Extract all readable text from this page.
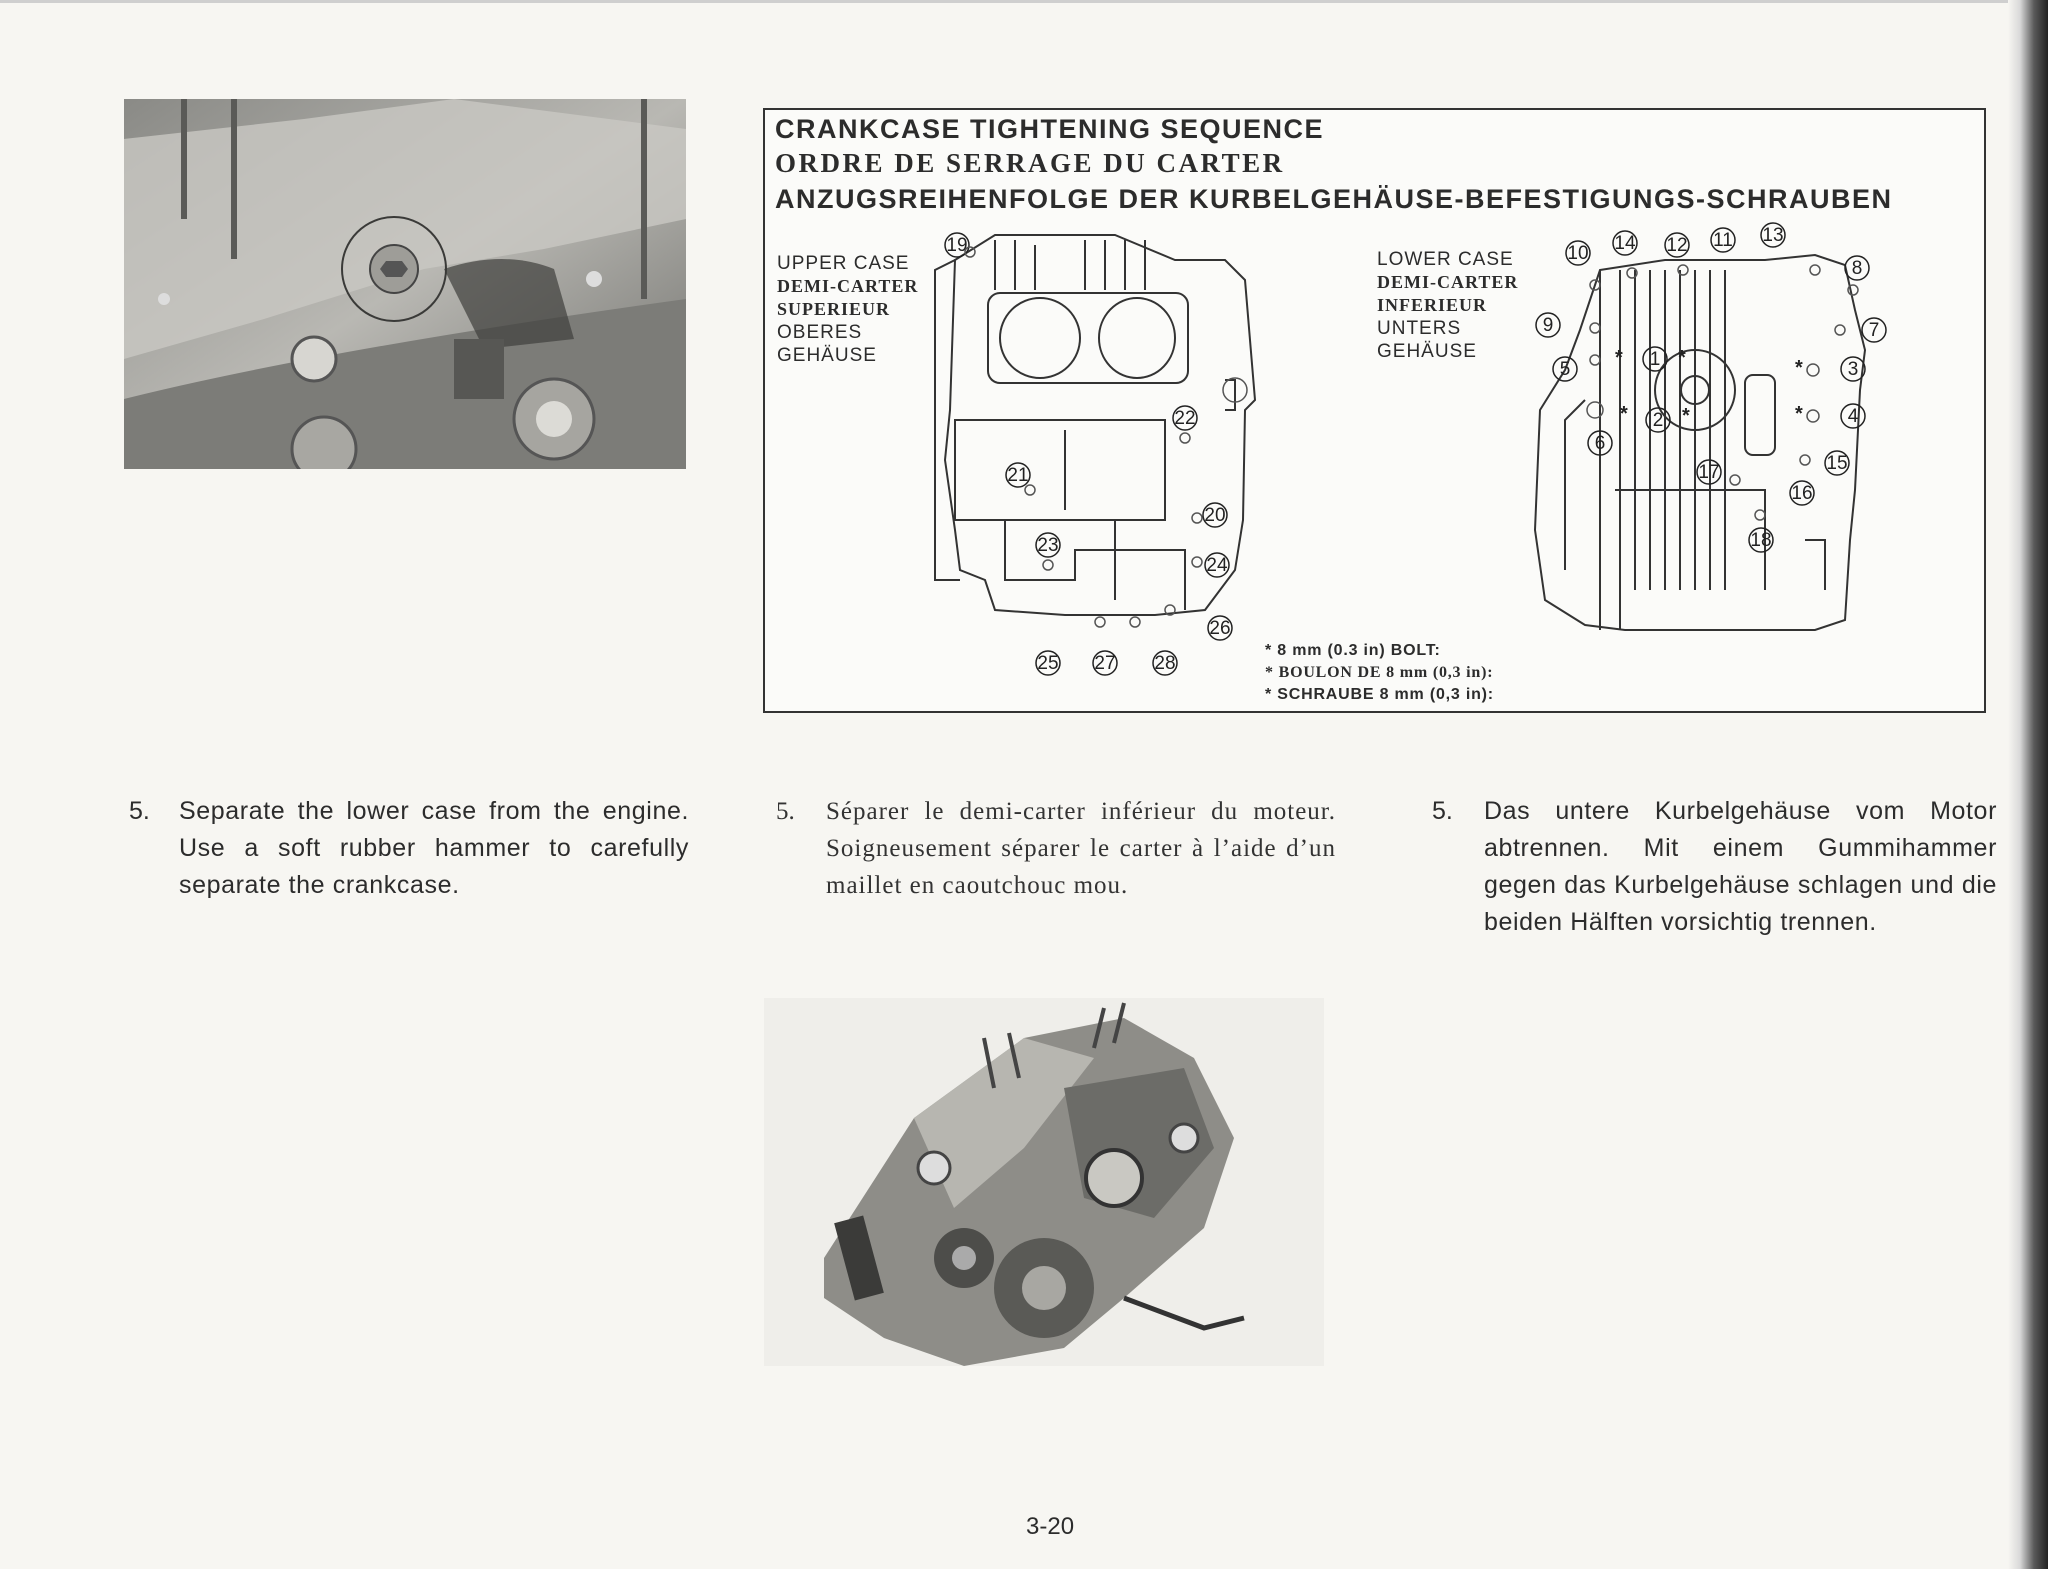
CRANKCASE TIGHTENING SEQUENCE
ORDRE DE SERRAGE DU CARTER
ANZUGSREIHENFOLGE DER KURBELGEHÄUSE-BEFESTIGUNGS-SCHRAUBEN
19
21
22
20
23
24
26
25 27 28
10 14 12 11 13
8
9	7
5	1	3
2	4
6
15
17
16
18
*	*	*
*	*	*
UPPER CASE
DEMI-CARTER
SUPERIEUR
OBERES
GEHÄUSE
LOWER CASE
DEMI-CARTER
INFERIEUR
UNTERS
GEHÄUSE
* 8 mm (0.3 in) BOLT:
* BOULON DE 8 mm (0,3 in):
* SCHRAUBE 8 mm (0,3 in):
5. Separate the lower case from the engine. Use a soft rubber hammer to carefully separate the crankcase.
5. Séparer le demi-carter inférieur du moteur. Soigneusement séparer le carter à l’aide d’un maillet en caoutchouc mou.
5. Das untere Kurbelgehäuse vom Motor abtrennen. Mit einem Gummihammer gegen das Kurbelgehäuse schlagen und die beiden Hälften vorsichtig trennen.
3-20
